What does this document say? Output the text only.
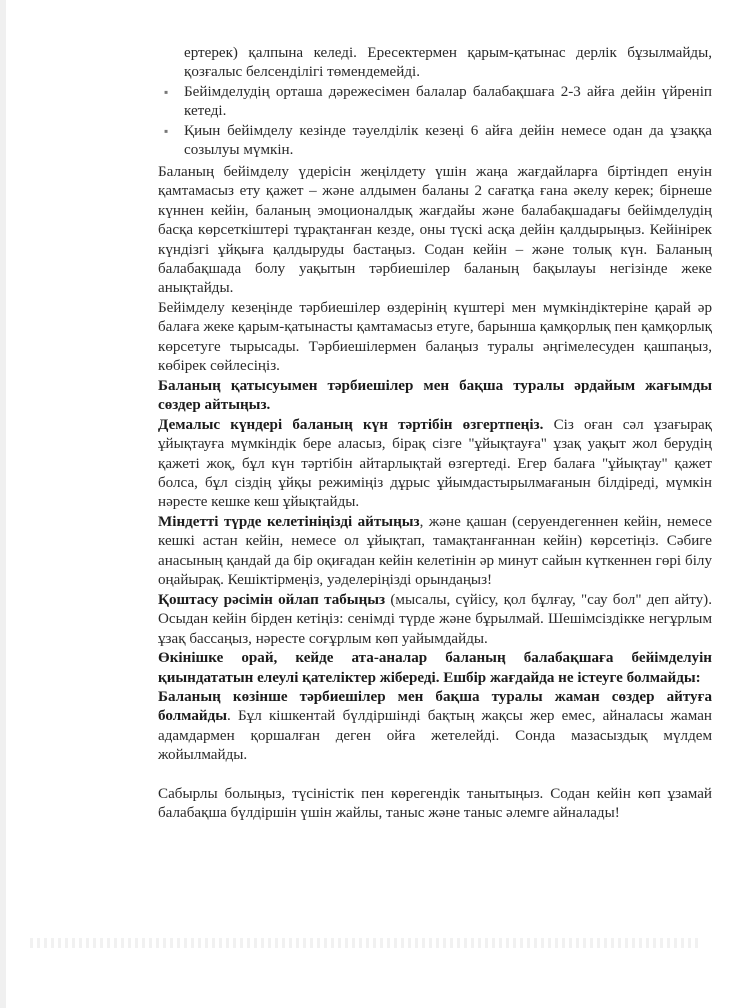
ертерек) қалпына келеді. Ересектермен қарым-қатынас дерлік бұзылмайды, қозғалыс белсенділігі төмендемейді.

▪ Бейімделудің орташа дәрежесімен балалар балабақшаға 2-3 айға дейін үйреніп кетеді.
▪ Қиын бейімделу кезінде тәуелділік кезеңі 6 айға дейін немесе одан да ұзаққа созылуы мүмкін.

Баланың бейімделу үдерісін жеңілдету үшін жаңа жағдайларға біртіндеп енуін қамтамасыз ету қажет – және алдымен баланы 2 сағатқа ғана әкелу керек; бірнеше күннен кейін, баланың эмоционалдық жағдайы және балабақшадағы бейімделудің басқа көрсеткіштері тұрақтанған кезде, оны түскі асқа дейін қалдырыңыз. Кейінірек күндізгі ұйқыға қалдыруды бастаңыз. Содан кейін – және толық күн. Баланың балабақшада болу уақытын тәрбиешілер баланың бақылауы негізінде жеке анықтайды.

Бейімделу кезеңінде тәрбиешілер өздерінің күштері мен мүмкіндіктеріне қарай әр балаға жеке қарым-қатынасты қамтамасыз етуге, барынша қамқорлық пен қамқорлық көрсетуге тырысады. Тәрбиешілермен балаңыз туралы әңгімелесуден қашпаңыз, көбірек сөйлесіңіз.

Баланың қатысуымен тәрбиешілер мен бақша туралы әрдайым жағымды сөздер айтыңыз.

Демалыс күндері баланың күн тәртібін өзгертпеңіз. Сіз оған сәл ұзағырақ ұйықтауға мүмкіндік бере аласыз, бірақ сізге "ұйықтауға" ұзақ уақыт жол берудің қажеті жоқ, бұл күн тәртібін айтарлықтай өзгертеді. Егер балаға "ұйықтау" қажет болса, бұл сіздің ұйқы режиміңіз дұрыс ұйымдастырылмағанын білдіреді, мүмкін нәресте кешке кеш ұйықтайды.

Міндетті түрде келетініңізді айтыңыз, және қашан (серуендегеннен кейін, немесе кешкі астан кейін, немесе ол ұйықтап, тамақтанғаннан кейін) көрсетіңіз. Сәбиге анасының қандай да бір оқиғадан кейін келетінін әр минут сайын күткеннен гөрі білу оңайырақ. Кешіктірмеңіз, уәделеріңізді орындаңыз!

Қоштасу рәсімін ойлап табыңыз (мысалы, сүйісу, қол бұлғау, "сау бол" деп айту). Осыдан кейін бірден кетіңіз: сенімді түрде және бұрылмай. Шешімсіздікке негұрлым ұзақ бассаңыз, нәресте соғұрлым көп уайымдайды.

Өкінішке орай, кейде ата-аналар баланың балабақшаға бейімделуін қиындататын елеулі қателіктер жібереді. Ешбір жағдайда не істеуге болмайды:

Баланың көзінше тәрбиешілер мен бақша туралы жаман сөздер айтуға болмайды. Бұл кішкентай бүлдіршінді бақтың жақсы жер емес, айналасы жаман адамдармен қоршалған деген ойға жетелейді. Сонда мазасыздық мүлдем жойылмайды.

Сабырлы болыңыз, түсіністік пен көрегендік танытыңыз. Содан кейін көп ұзамай балабақша бүлдіршін үшін жайлы, таныс және таныс әлемге айналады!
